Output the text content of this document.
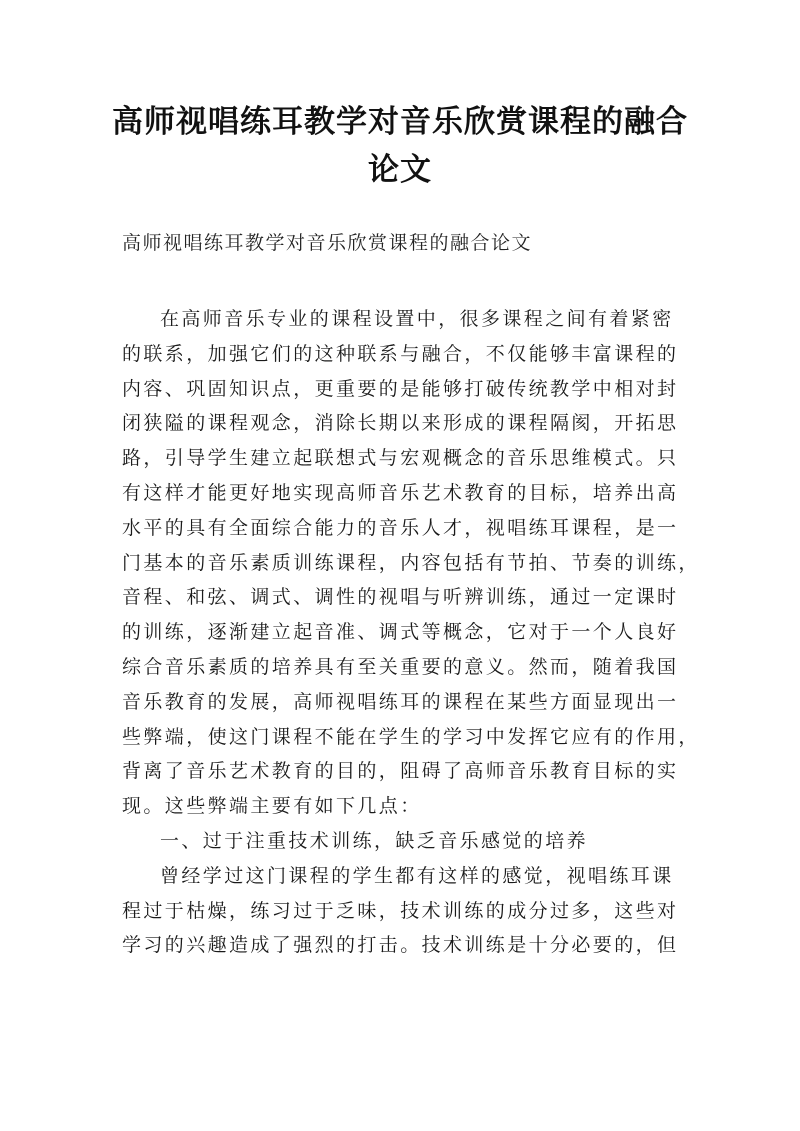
高师视唱练耳教学对音乐欣赏课程的融合
论文
高师视唱练耳教学对音乐欣赏课程的融合论文

在高师音乐专业的课程设置中，很多课程之间有着紧密
的联系，加强它们的这种联系与融合，不仅能够丰富课程的
内容、巩固知识点，更重要的是能够打破传统教学中相对封
闭狭隘的课程观念，消除长期以来形成的课程隔阂，开拓思
路，引导学生建立起联想式与宏观概念的音乐思维模式。只
有这样才能更好地实现高师音乐艺术教育的目标，培养出高
水平的具有全面综合能力的音乐人才，视唱练耳课程，是一
门基本的音乐素质训练课程，内容包括有节拍、节奏的训练，
音程、和弦、调式、调性的视唱与听辨训练，通过一定课时
的训练，逐渐建立起音准、调式等概念，它对于一个人良好
综合音乐素质的培养具有至关重要的意义。然而，随着我国
音乐教育的发展，高师视唱练耳的课程在某些方面显现出一
些弊端，使这门课程不能在学生的学习中发挥它应有的作用，
背离了音乐艺术教育的目的，阻碍了高师音乐教育目标的实
现。这些弊端主要有如下几点：

一、过于注重技术训练，缺乏音乐感觉的培养

曾经学过这门课程的学生都有这样的感觉，视唱练耳课
程过于枯燥，练习过于乏味，技术训练的成分过多，这些对
学习的兴趣造成了强烈的打击。技术训练是十分必要的，但
